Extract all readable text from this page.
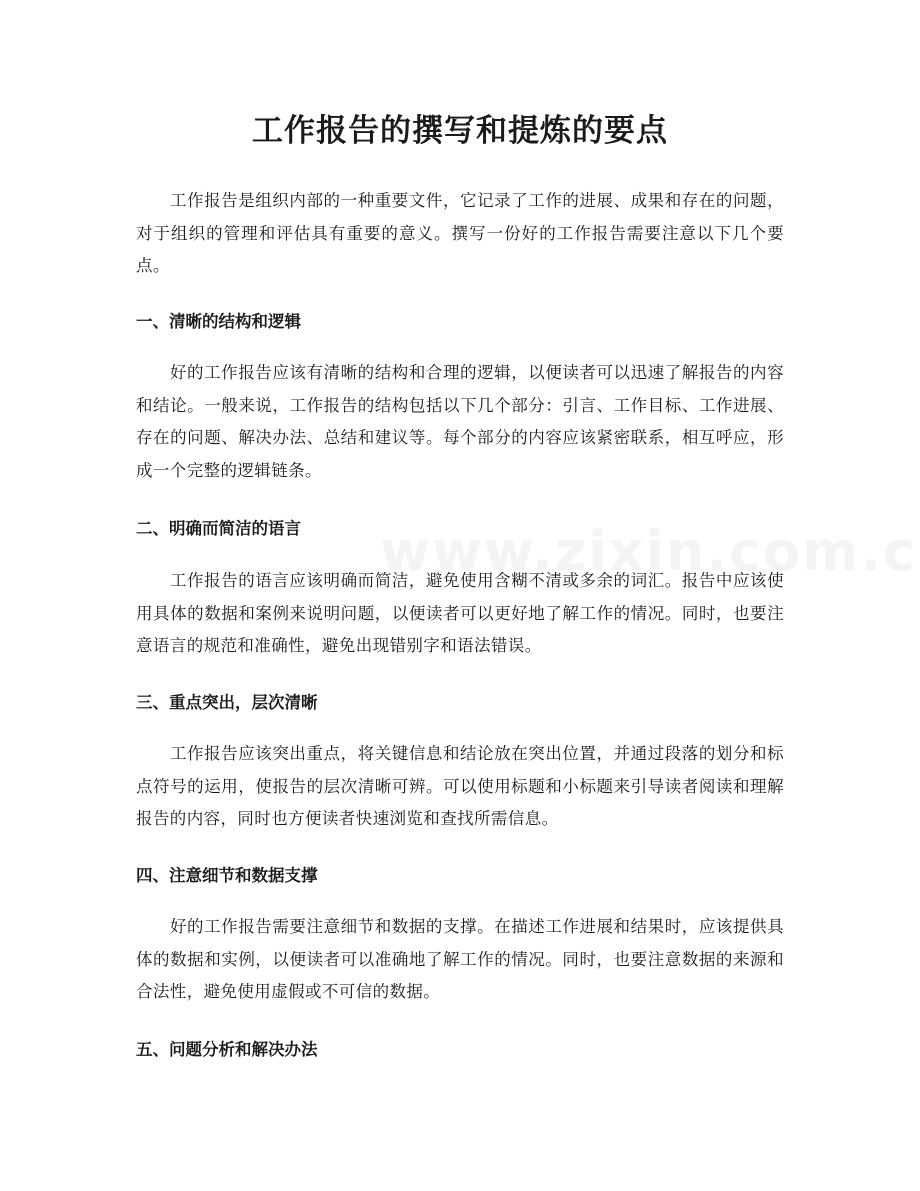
工作报告的撰写和提炼的要点

工作报告是组织内部的一种重要文件，它记录了工作的进展、成果和存在的问题，对于组织的管理和评估具有重要的意义。撰写一份好的工作报告需要注意以下几个要点。

一、清晰的结构和逻辑

好的工作报告应该有清晰的结构和合理的逻辑，以便读者可以迅速了解报告的内容和结论。一般来说，工作报告的结构包括以下几个部分：引言、工作目标、工作进展、存在的问题、解决办法、总结和建议等。每个部分的内容应该紧密联系，相互呼应，形成一个完整的逻辑链条。

二、明确而简洁的语言

工作报告的语言应该明确而简洁，避免使用含糊不清或多余的词汇。报告中应该使用具体的数据和案例来说明问题，以便读者可以更好地了解工作的情况。同时，也要注意语言的规范和准确性，避免出现错别字和语法错误。

三、重点突出，层次清晰

工作报告应该突出重点，将关键信息和结论放在突出位置，并通过段落的划分和标点符号的运用，使报告的层次清晰可辨。可以使用标题和小标题来引导读者阅读和理解报告的内容，同时也方便读者快速浏览和查找所需信息。

四、注意细节和数据支撑

好的工作报告需要注意细节和数据的支撑。在描述工作进展和结果时，应该提供具体的数据和实例，以便读者可以准确地了解工作的情况。同时，也要注意数据的来源和合法性，避免使用虚假或不可信的数据。

五、问题分析和解决办法
